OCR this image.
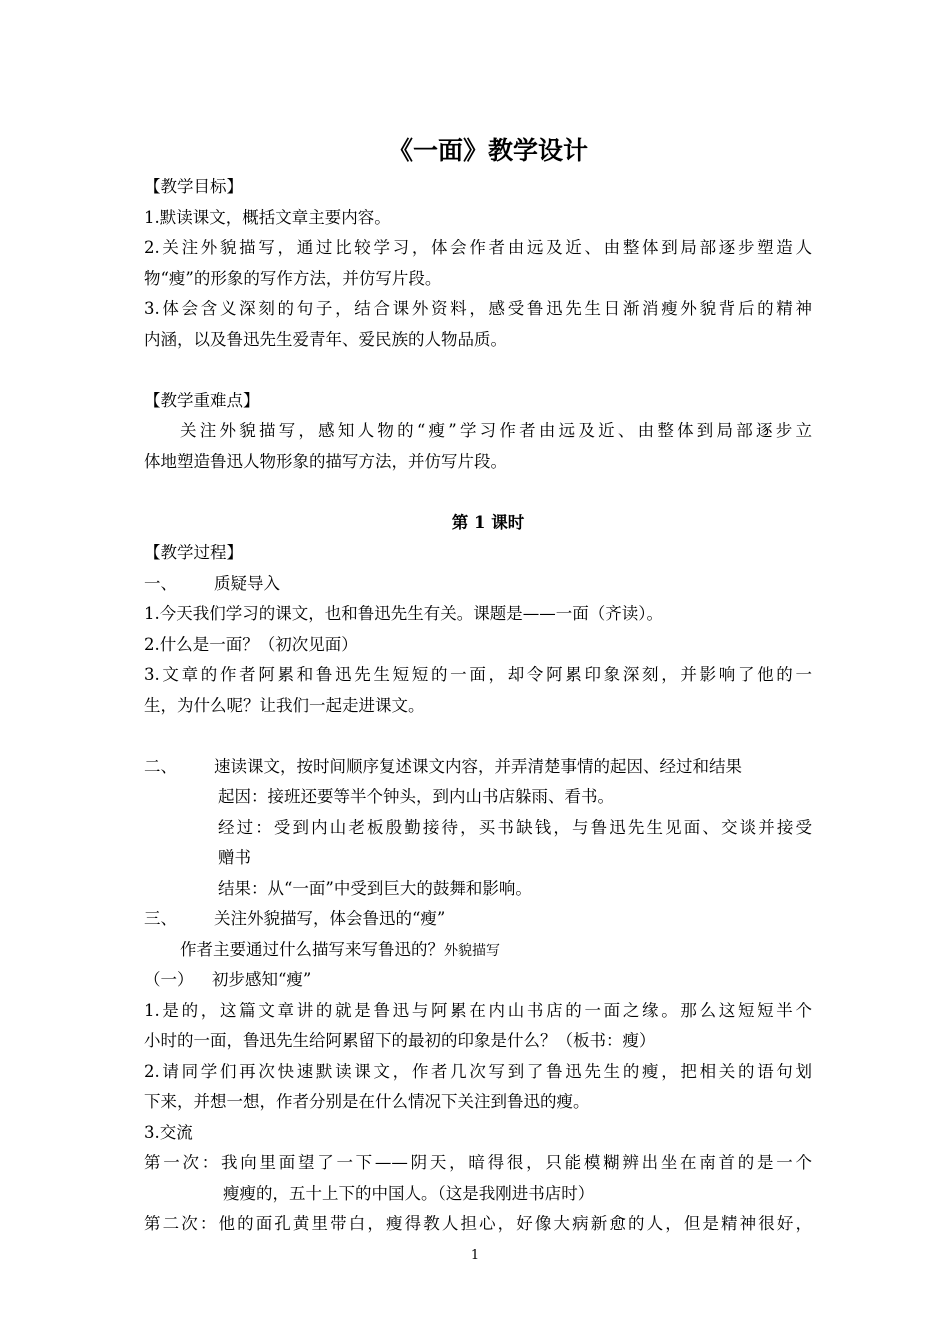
《一面》教学设计
【教学目标】
1.默读课文，概括文章主要内容。
2.关注外貌描写，通过比较学习，体会作者由远及近、由整体到局部逐步塑造人
物“瘦”的形象的写作方法，并仿写片段。
3.体会含义深刻的句子，结合课外资料，感受鲁迅先生日渐消瘦外貌背后的精神
内涵，以及鲁迅先生爱青年、爱民族的人物品质。
【教学重难点】
关注外貌描写，感知人物的“瘦”学习作者由远及近、由整体到局部逐步立
体地塑造鲁迅人物形象的描写方法，并仿写片段。
第 1 课时
【教学过程】
一、 质疑导入
1.今天我们学习的课文，也和鲁迅先生有关。课题是——一面（齐读）。
2.什么是一面？（初次见面）
3.文章的作者阿累和鲁迅先生短短的一面，却令阿累印象深刻，并影响了他的一
生，为什么呢？让我们一起走进课文。
二、 速读课文，按时间顺序复述课文内容，并弄清楚事情的起因、经过和结果
起因：接班还要等半个钟头，到内山书店躲雨、看书。
经过：受到内山老板殷勤接待，买书缺钱，与鲁迅先生见面、交谈并接受
赠书
结果：从“一面”中受到巨大的鼓舞和影响。
三、 关注外貌描写，体会鲁迅的“瘦”
作者主要通过什么描写来写鲁迅的？外貌描写
（一） 初步感知“瘦”
1.是的，这篇文章讲的就是鲁迅与阿累在内山书店的一面之缘。那么这短短半个
小时的一面，鲁迅先生给阿累留下的最初的印象是什么？（板书：瘦）
2.请同学们再次快速默读课文，作者几次写到了鲁迅先生的瘦，把相关的语句划
下来，并想一想，作者分别是在什么情况下关注到鲁迅的瘦。
3.交流
第一次：我向里面望了一下——阴天，暗得很，只能模糊辨出坐在南首的是一个
瘦瘦的，五十上下的中国人。（这是我刚进书店时）
第二次：他的面孔黄里带白，瘦得教人担心，好像大病新愈的人，但是精神很好，
1
